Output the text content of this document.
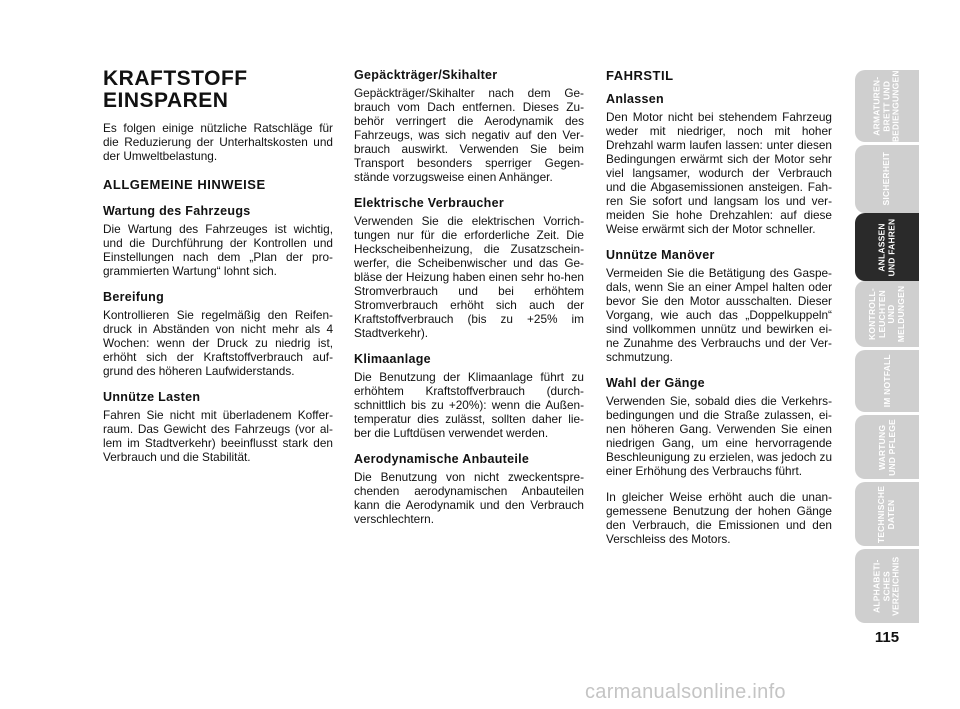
KRAFTSTOFF
EINSPAREN
Es folgen einige nützliche Ratschläge für die Reduzierung der Unterhaltskosten und der Umweltbelastung.
ALLGEMEINE HINWEISE
Wartung des Fahrzeugs
Die Wartung des Fahrzeuges ist wichtig, und die Durchführung der Kontrollen und Einstellungen nach dem „Plan der pro-grammierten Wartung“ lohnt sich.
Bereifung
Kontrollieren Sie regelmäßig den Reifen-druck in Abständen von nicht mehr als 4 Wochen: wenn der Druck zu niedrig ist, erhöht sich der Kraftstoffverbrauch auf-grund des höheren Laufwiderstands.
Unnütze Lasten
Fahren Sie nicht mit überladenem Koffer-raum. Das Gewicht des Fahrzeugs (vor al-lem im Stadtverkehr) beeinflusst stark den Verbrauch und die Stabilität.
Gepäckträger/Skihalter
Gepäckträger/Skihalter nach dem Ge-brauch vom Dach entfernen. Dieses Zu-behör verringert die Aerodynamik des Fahrzeugs, was sich negativ auf den Ver-brauch auswirkt. Verwenden Sie beim Transport besonders sperriger Gegen-stände vorzugsweise einen Anhänger.
Elektrische Verbraucher
Verwenden Sie die elektrischen Vorrich-tungen nur für die erforderliche Zeit. Die Heckscheibenheizung, die Zusatzschein-werfer, die Scheibenwischer und das Ge-bläse der Heizung haben einen sehr ho-hen Stromverbrauch und bei erhöhtem Stromverbrauch erhöht sich auch der Kraftstoffverbrauch (bis zu +25% im Stadtverkehr).
Klimaanlage
Die Benutzung der Klimaanlage führt zu erhöhtem Kraftstoffverbrauch (durch-schnittlich bis zu +20%): wenn die Außen-temperatur dies zulässt, sollten daher lie-ber die Luftdüsen verwendet werden.
Aerodynamische Anbauteile
Die Benutzung von nicht zweckentspre-chenden aerodynamischen Anbauteilen kann die Aerodynamik und den Verbrauch verschlechtern.
FAHRSTIL
Anlassen
Den Motor nicht bei stehendem Fahrzeug weder mit niedriger, noch mit hoher Drehzahl warm laufen lassen: unter diesen Bedingungen erwärmt sich der Motor sehr viel langsamer, wodurch der Verbrauch und die Abgasemissionen ansteigen. Fah-ren Sie sofort und langsam los und ver-meiden Sie hohe Drehzahlen: auf diese Weise erwärmt sich der Motor schneller.
Unnütze Manöver
Vermeiden Sie die Betätigung des Gaspe-dals, wenn Sie an einer Ampel halten oder bevor Sie den Motor ausschalten. Dieser Vorgang, wie auch das „Doppelkuppeln“ sind vollkommen unnütz und bewirken ei-ne Zunahme des Verbrauchs und der Ver-schmutzung.
Wahl der Gänge
Verwenden Sie, sobald dies die Verkehrs-bedingungen und die Straße zulassen, ei-nen höheren Gang. Verwenden Sie einen niedrigen Gang, um eine hervorragende Beschleunigung zu erzielen, was jedoch zu einer Erhöhung des Verbrauchs führt.
In gleicher Weise erhöht auch die unan-gemessene Benutzung der hohen Gänge den Verbrauch, die Emissionen und den Verschleiss des Motors.
ARMATUREN-
BRETT UND
BEDIENGUNGEN
SICHERHEIT
ANLASSEN
UND FAHREN
KONTROLL-
LEUCHTEN UND
MELDUNGEN
IM NOTFALL
WARTUNG
UND PFLEGE
TECHNISCHE
DATEN
ALPHABETI-
SCHES
VERZEICHNIS
115
carmanualsonline.info
